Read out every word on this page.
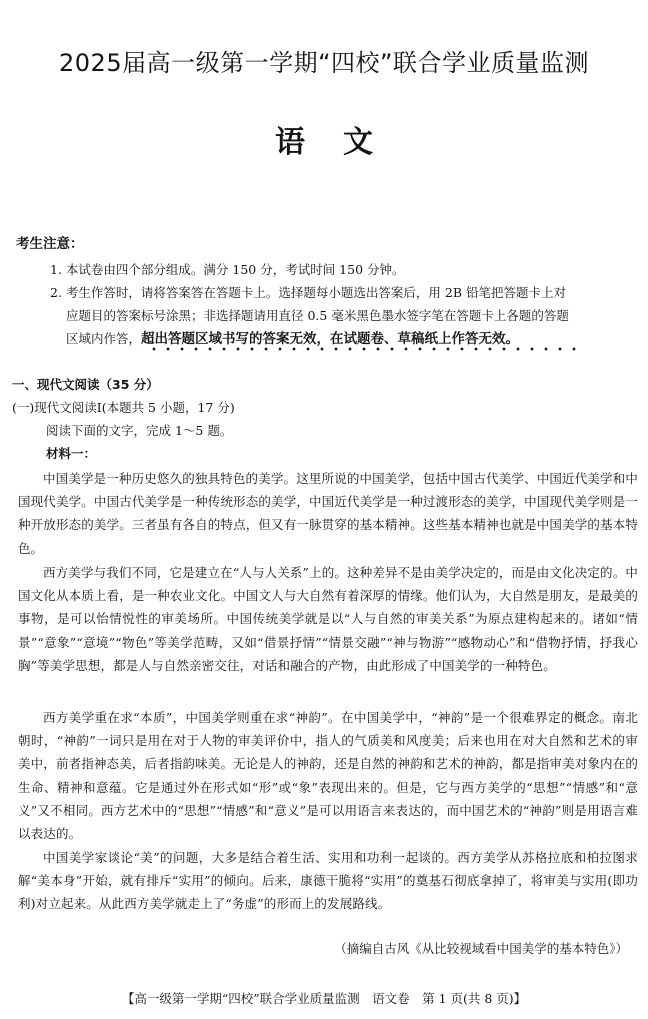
2025届高一级第一学期“四校”联合学业质量监测
语 文
考生注意：
1. 本试卷由四个部分组成。满分 150 分，考试时间 150 分钟。
2. 考生作答时，请将答案答在答题卡上。选择题每小题选出答案后，用 2B 铅笔把答题卡上对
应题目的答案标号涂黑；非选择题请用直径 0.5 毫米黑色墨水签字笔在答题卡上各题的答题
区域内作答，超出答题区域书写的答案无效，在试题卷、草稿纸上作答无效。
一、现代文阅读（35 分）
(一)现代文阅读Ⅰ(本题共 5 小题，17 分)
阅读下面的文字，完成 1～5 题。
材料一：
中国美学是一种历史悠久的独具特色的美学。这里所说的中国美学，包括中国古代美学、中国近代美学和中国现代美学。中国古代美学是一种传统形态的美学，中国近代美学是一种过渡形态的美学，中国现代美学则是一种开放形态的美学。三者虽有各自的特点，但又有一脉贯穿的基本精神。这些基本精神也就是中国美学的基本特色。
西方美学与我们不同，它是建立在“人与人关系”上的。这种差异不是由美学决定的，而是由文化决定的。中国文化从本质上看，是一种农业文化。中国文人与大自然有着深厚的情缘。他们认为，大自然是朋友，是最美的事物，是可以怡情悦性的审美场所。中国传统美学就是以“人与自然的审美关系”为原点建构起来的。诸如“情景”“意象”“意境”“物色”等美学范畴，又如“借景抒情”“情景交融”“神与物游”“感物动心”和“借物抒情，抒我心胸”等美学思想，都是人与自然亲密交往，对话和融合的产物，由此形成了中国美学的一种特色。
西方美学重在求“本质”，中国美学则重在求“神韵”。在中国美学中，“神韵”是一个很难界定的概念。南北朝时，“神韵”一词只是用在对于人物的审美评价中，指人的气质美和风度美；后来也用在对大自然和艺术的审美中，前者指神态美，后者指韵味美。无论是人的神韵，还是自然的神韵和艺术的神韵，都是指审美对象内在的生命、精神和意蕴。它是通过外在形式如“形”或“象”表现出来的。但是，它与西方美学的“思想”“情感”和“意义”又不相同。西方艺术中的“思想”“情感”和“意义”是可以用语言来表达的，而中国艺术的“神韵”则是用语言难以表达的。
中国美学家谈论“美”的问题，大多是结合着生活、实用和功利一起谈的。西方美学从苏格拉底和柏拉图求解“美本身”开始，就有排斥“实用”的倾向。后来，康德干脆将“实用”的奠基石彻底拿掉了，将审美与实用(即功利)对立起来。从此西方美学就走上了“务虚”的形而上的发展路线。
（摘编自古风《从比较视域看中国美学的基本特色》）
【高一级第一学期“四校”联合学业质量监测　语文卷　第 1 页(共 8 页)】
